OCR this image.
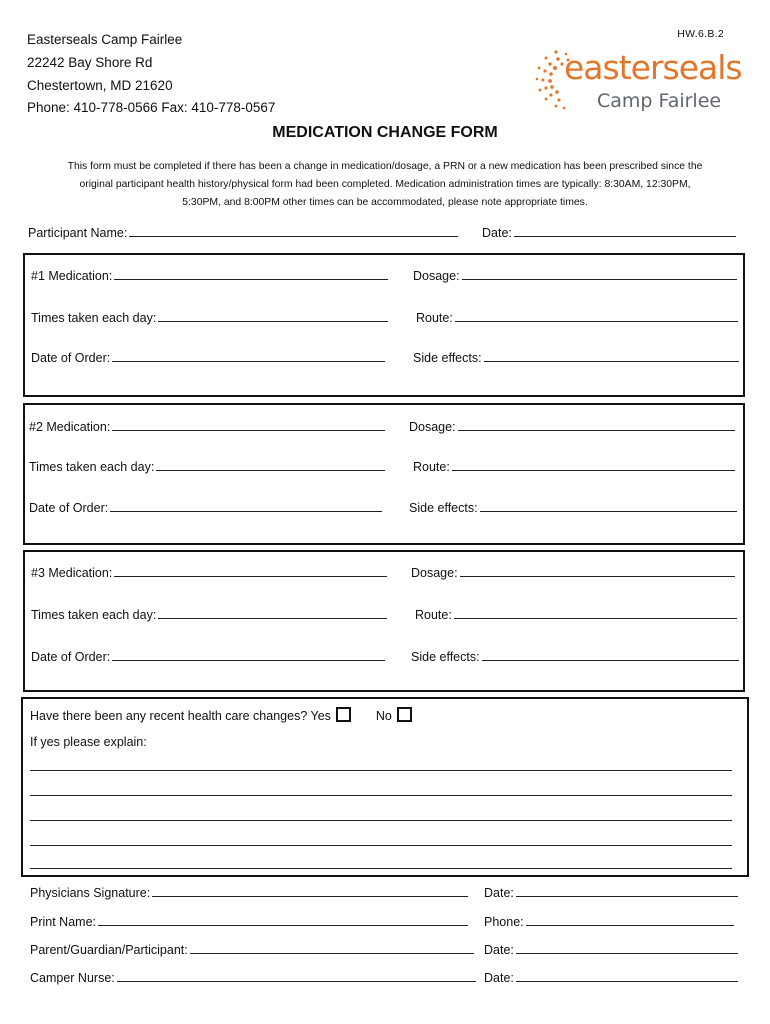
HW.6.B.2
Easterseals Camp Fairlee
22242 Bay Shore Rd
Chestertown, MD 21620
Phone: 410-778-0566 Fax: 410-778-0567
easterseals
Camp Fairlee
MEDICATION CHANGE FORM
This form must be completed if there has been a change in medication/dosage, a PRN or a new medication has been prescribed since the
original participant health history/physical form had been completed. Medication administration times are typically: 8:30AM, 12:30PM,
5:30PM, and 8:00PM other times can be accommodated, please note appropriate times.
Participant Name:	Date:
#1 Medication:	Dosage:
Times taken each day:	Route:
Date of Order:	Side effects:
#2 Medication:	Dosage:
Times taken each day:	Route:
Date of Order:	Side effects:
#3 Medication:	Dosage:
Times taken each day:	Route:
Date of Order:	Side effects:
Have there been any recent health care changes? Yes	No
If yes please explain:
Physicians Signature:	Date:
Print Name:	Phone:
Parent/Guardian/Participant:	Date:
Camper Nurse:	Date:
